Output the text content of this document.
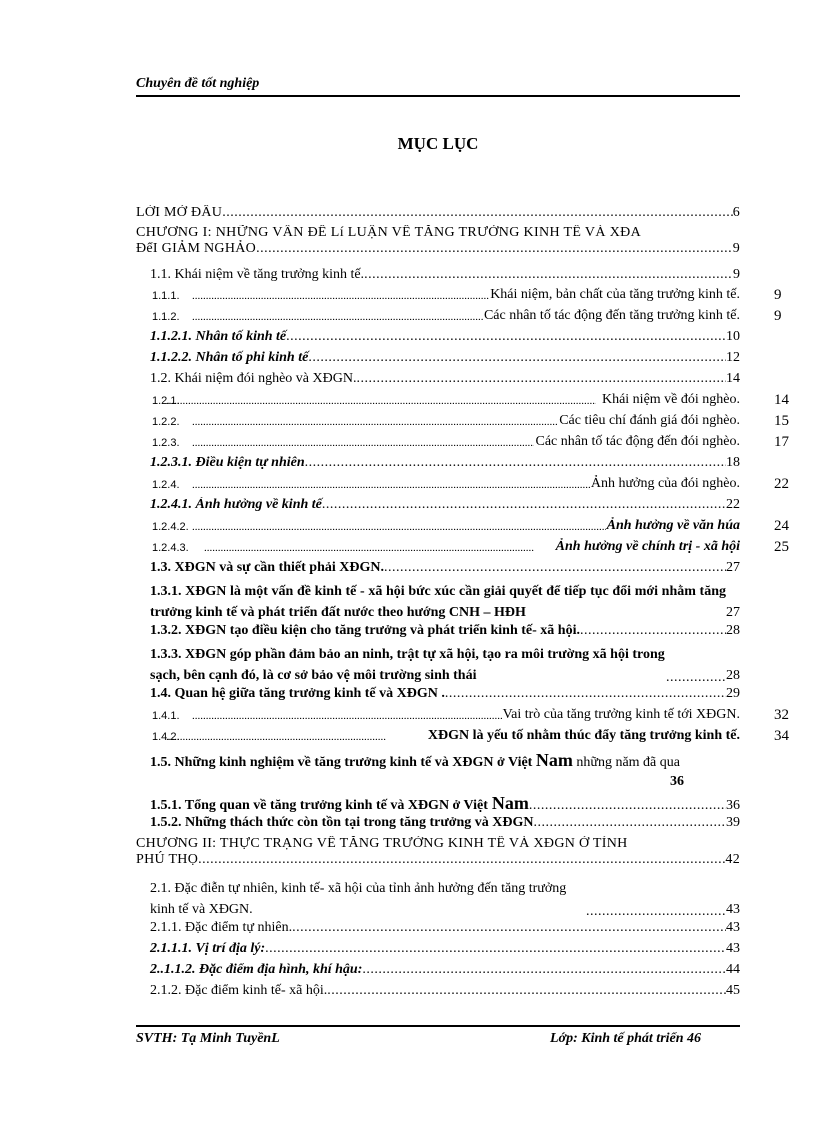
Chuyên đề tốt nghiệp
MỤC LỤC
LỜI MỞ ĐẦU .....	6
CHƯƠNG I: NHỮNG VẤN ĐỀ Lí LUẬN VỀ TĂNG TRƯỞNG KINH TẾ VÀ XĐA
ĐểI GIẢM NGHẢO .....	9
1.1. Khái niệm về tăng trưởng kinh tế. .....	9
1.1.1. .....	Khái niệm, bản chất của tăng trưởng kinh tế. 9
1.1.2. .....	Các nhân tố tác động đến tăng trưởng kinh tế. 9
1.1.2.1. Nhân tố kinh tế .....	10
1.1.2.2. Nhân tố phi kinh tế .....	12
1.2. Khái niệm đói nghèo và XĐGN. .....	14
1.2.1. .....	Khái niệm về đói nghèo. 14
1.2.2. .....	Các tiêu chí đánh giá đói nghèo. 15
1.2.3. .....	Các nhân tố tác động đến đói nghèo. 17
1.2.3.1. Điều kiện tự nhiên .....	18
1.2.4. .....	Ảnh hưởng của đói nghèo. 22
1.2.4.1. Ảnh hưởng về kinh tế .....	22
1.2.4.2. .....	Ảnh hưởng về văn húa 24
1.2.4.3. .....	Ảnh hưởng về chính trị - xã hội 25
1.3. XĐGN và sự cần thiết phải XĐGN. .....	27
1.3.1. XĐGN là một vấn đề kinh tế - xã hội bức xúc cần giải quyết để tiếp tục đổi mới nhằm tăng trưởng kinh tế và phát triển đất nước theo hướng CNH – HĐH	27
1.3.2. XĐGN tạo điều kiện cho tăng trưởng và phát triển kinh tế- xã hội. .....	28
1.3.3. XĐGN góp phần đảm bảo an ninh, trật tự xã hội, tạo ra môi trường xã hội trong sạch, bên cạnh đó, là cơ sở bảo vệ môi trường sinh thái .....	28
1.4. Quan hệ giữa tăng trưởng kinh tế và XĐGN . .....	29
1.4.1. .....	Vai trò của tăng trưởng kinh tế tới XĐGN. 32
1.4.2. .....	XĐGN là yếu tố nhằm thúc đẩy tăng trưởng kinh tế. 34
1.5. Những kinh nghiệm về tăng trưởng kinh tế và XĐGN ở Việt Nam những năm đã qua
36
1.5.1. Tổng quan về tăng trưởng kinh tế và XĐGN ở Việt Nam .....	36
1.5.2. Những thách thức còn tồn tại trong tăng trưởng và XĐGN .....	39
CHƯƠNG II: THỰC TRẠNG VỀ TĂNG TRƯỞNG KINH TẾ VÀ XĐGN Ở TỈNH
PHÚ THỌ .....	42
2.1. Đặc điễn tự nhiên, kinh tế- xã hội của tỉnh ảnh hưởng đến tăng trưởng kinh tế và XĐGN. .....	43
2.1.1. Đặc điểm tự nhiên. .....	43
2.1.1.1. Vị trí địa lý: .....	43
2..1.1.2. Đặc điểm địa hình, khí hậu: .....	44
2.1.2. Đặc điểm kinh tế- xã hội. .....	45
SVTH: Tạ Minh TuyềnL	Lớp: Kinh tế phát triển 46
